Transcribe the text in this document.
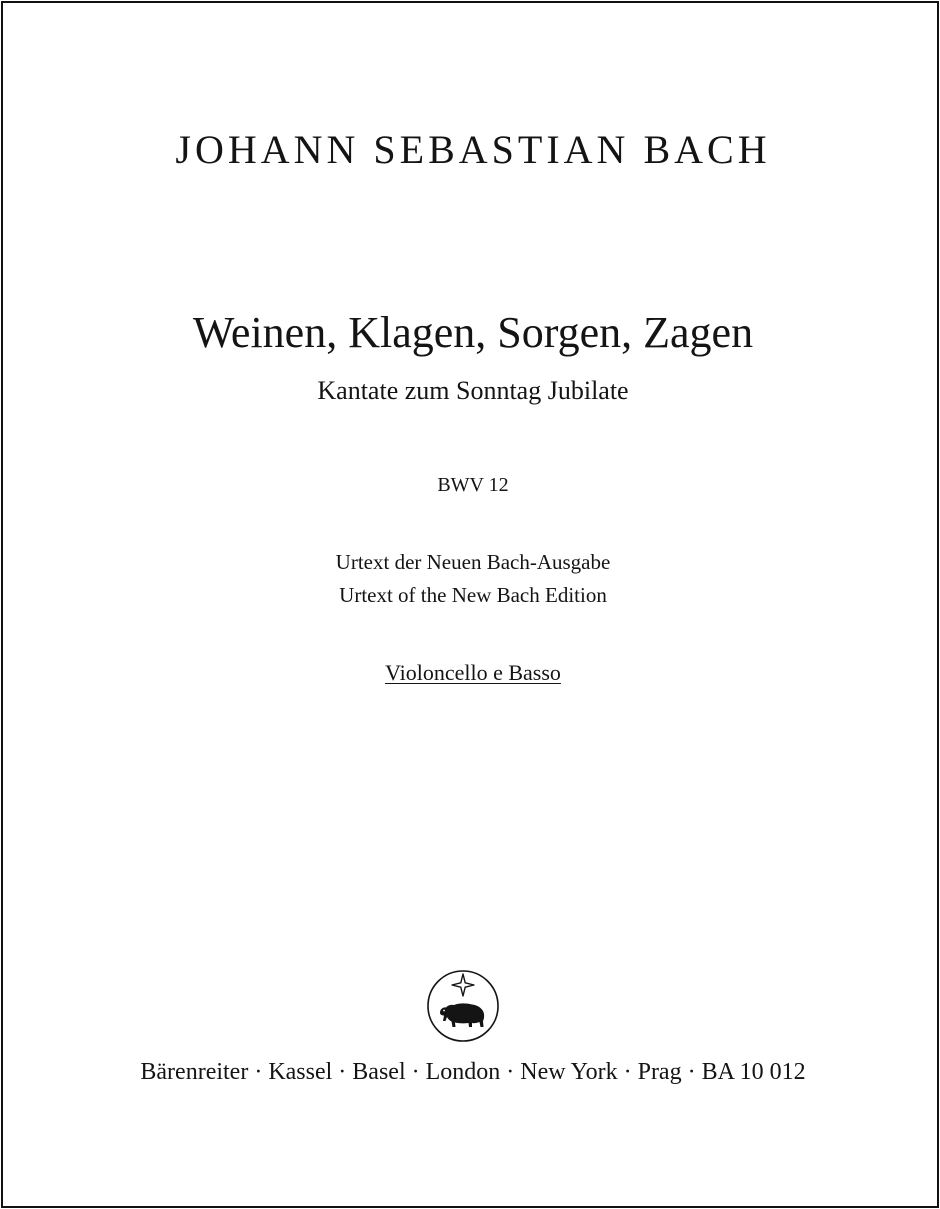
JOHANN SEBASTIAN BACH
Weinen, Klagen, Sorgen, Zagen
Kantate zum Sonntag Jubilate
BWV 12
Urtext der Neuen Bach-Ausgabe
Urtext of the New Bach Edition
Violoncello e Basso
Bärenreiter · Kassel · Basel · London · New York · Prag · BA 10 012
